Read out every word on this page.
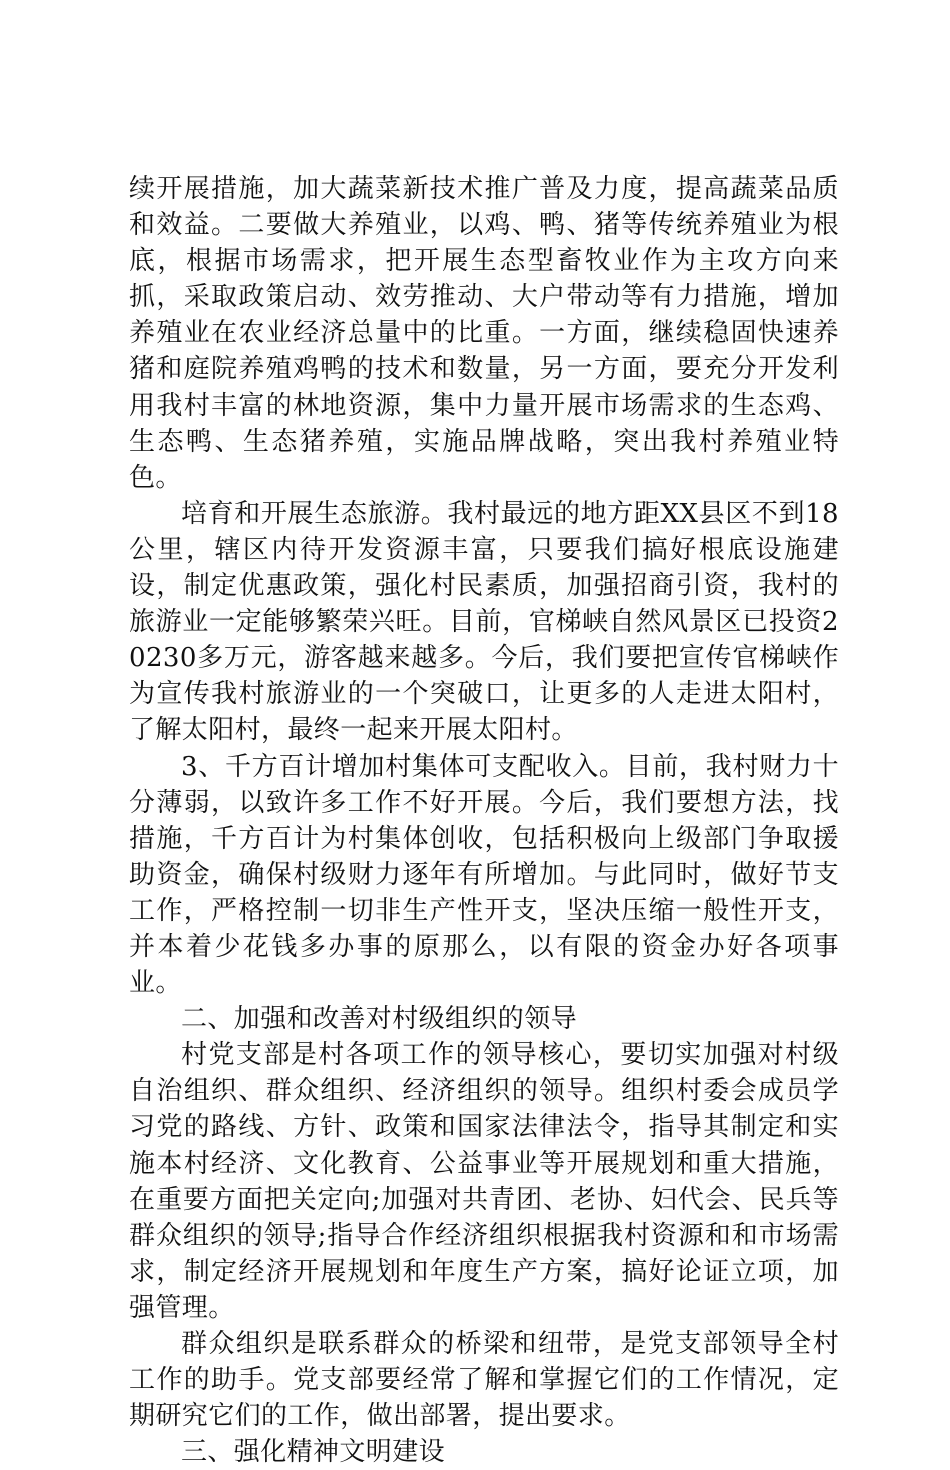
续开展措施，加大蔬菜新技术推广普及力度，提高蔬菜品质和效益。二要做大养殖业，以鸡、鸭、猪等传统养殖业为根底，根据市场需求，把开展生态型畜牧业作为主攻方向来抓，采取政策启动、效劳推动、大户带动等有力措施，增加养殖业在农业经济总量中的比重。一方面，继续稳固快速养猪和庭院养殖鸡鸭的技术和数量，另一方面，要充分开发利用我村丰富的林地资源，集中力量开展市场需求的生态鸡、生态鸭、生态猪养殖，实施品牌战略，突出我村养殖业特色。

培育和开展生态旅游。我村最远的地方距XX县区不到18公里，辖区内待开发资源丰富，只要我们搞好根底设施建设，制定优惠政策，强化村民素质，加强招商引资，我村的旅游业一定能够繁荣兴旺。目前，官梯峡自然风景区已投资20230多万元，游客越来越多。今后，我们要把宣传官梯峡作为宣传我村旅游业的一个突破口，让更多的人走进太阳村，了解太阳村，最终一起来开展太阳村。

3、千方百计增加村集体可支配收入。目前，我村财力十分薄弱，以致许多工作不好开展。今后，我们要想方法，找措施，千方百计为村集体创收，包括积极向上级部门争取援助资金，确保村级财力逐年有所增加。与此同时，做好节支工作，严格控制一切非生产性开支，坚决压缩一般性开支，并本着少花钱多办事的原那么，以有限的资金办好各项事业。

二、加强和改善对村级组织的领导

村党支部是村各项工作的领导核心，要切实加强对村级自治组织、群众组织、经济组织的领导。组织村委会成员学习党的路线、方针、政策和国家法律法令，指导其制定和实施本村经济、文化教育、公益事业等开展规划和重大措施，在重要方面把关定向;加强对共青团、老协、妇代会、民兵等群众组织的领导;指导合作经济组织根据我村资源和和市场需求，制定经济开展规划和年度生产方案，搞好论证立项，加强管理。

群众组织是联系群众的桥梁和纽带，是党支部领导全村工作的助手。党支部要经常了解和掌握它们的工作情况，定期研究它们的工作，做出部署，提出要求。

三、强化精神文明建设
